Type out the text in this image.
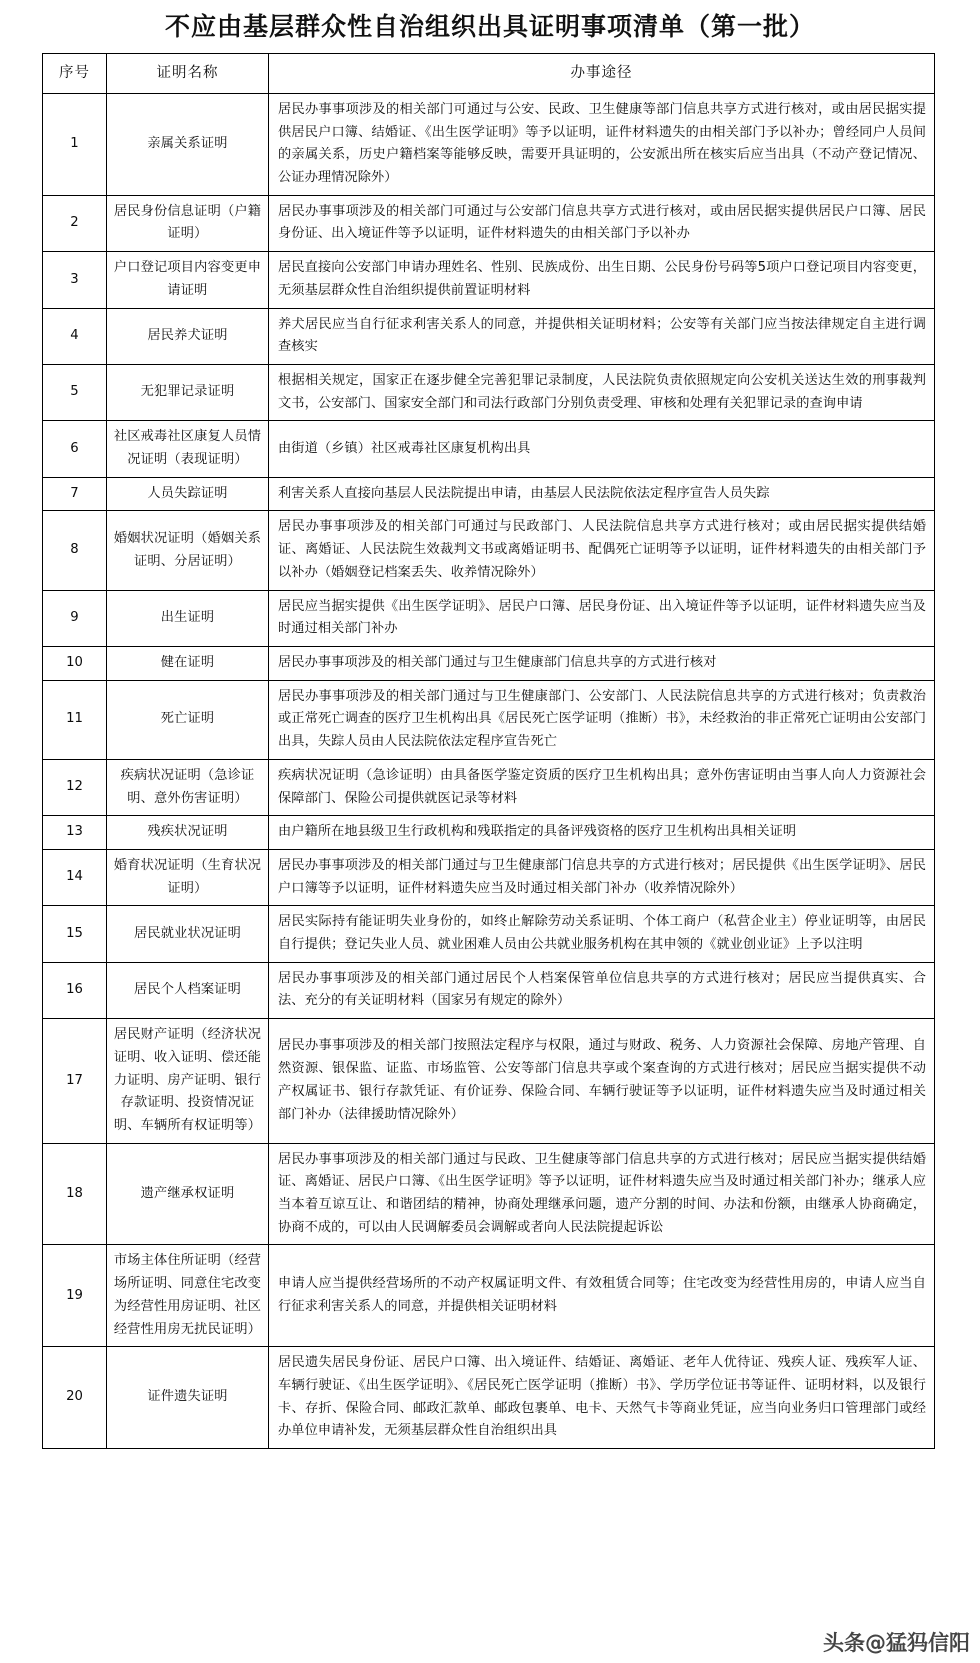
不应由基层群众性自治组织出具证明事项清单（第一批）
序号	证明名称	办事途径
1	亲属关系证明	居民办事事项涉及的相关部门可通过与公安、民政、卫生健康等部门信息共享方式进行核对，或由居民据实提供居民户口簿、结婚证、《出生医学证明》等予以证明，证件材料遗失的由相关部门予以补办；曾经同户人员间的亲属关系，历史户籍档案等能够反映，需要开具证明的，公安派出所在核实后应当出具（不动产登记情况、公证办理情况除外）
2	居民身份信息证明（户籍证明）	居民办事事项涉及的相关部门可通过与公安部门信息共享方式进行核对，或由居民据实提供居民户口簿、居民身份证、出入境证件等予以证明，证件材料遗失的由相关部门予以补办
3	户口登记项目内容变更申请证明	居民直接向公安部门申请办理姓名、性别、民族成份、出生日期、公民身份号码等5项户口登记项目内容变更，无须基层群众性自治组织提供前置证明材料
4	居民养犬证明	养犬居民应当自行征求利害关系人的同意，并提供相关证明材料；公安等有关部门应当按法律规定自主进行调查核实
5	无犯罪记录证明	根据相关规定，国家正在逐步健全完善犯罪记录制度，人民法院负责依照规定向公安机关送达生效的刑事裁判文书，公安部门、国家安全部门和司法行政部门分别负责受理、审核和处理有关犯罪记录的查询申请
6	社区戒毒社区康复人员情况证明（表现证明）	由街道（乡镇）社区戒毒社区康复机构出具
7	人员失踪证明	利害关系人直接向基层人民法院提出申请，由基层人民法院依法定程序宣告人员失踪
8	婚姻状况证明（婚姻关系证明、分居证明）	居民办事事项涉及的相关部门可通过与民政部门、人民法院信息共享方式进行核对；或由居民据实提供结婚证、离婚证、人民法院生效裁判文书或离婚证明书、配偶死亡证明等予以证明，证件材料遗失的由相关部门予以补办（婚姻登记档案丢失、收养情况除外）
9	出生证明	居民应当据实提供《出生医学证明》、居民户口簿、居民身份证、出入境证件等予以证明，证件材料遗失应当及时通过相关部门补办
10	健在证明	居民办事事项涉及的相关部门通过与卫生健康部门信息共享的方式进行核对
11	死亡证明	居民办事事项涉及的相关部门通过与卫生健康部门、公安部门、人民法院信息共享的方式进行核对；负责救治或正常死亡调查的医疗卫生机构出具《居民死亡医学证明（推断）书》，未经救治的非正常死亡证明由公安部门出具，失踪人员由人民法院依法定程序宣告死亡
12	疾病状况证明（急诊证明、意外伤害证明）	疾病状况证明（急诊证明）由具备医学鉴定资质的医疗卫生机构出具；意外伤害证明由当事人向人力资源社会保障部门、保险公司提供就医记录等材料
13	残疾状况证明	由户籍所在地县级卫生行政机构和残联指定的具备评残资格的医疗卫生机构出具相关证明
14	婚育状况证明（生育状况证明）	居民办事事项涉及的相关部门通过与卫生健康部门信息共享的方式进行核对；居民提供《出生医学证明》、居民户口簿等予以证明，证件材料遗失应当及时通过相关部门补办（收养情况除外）
15	居民就业状况证明	居民实际持有能证明失业身份的，如终止解除劳动关系证明、个体工商户（私营企业主）停业证明等，由居民自行提供；登记失业人员、就业困难人员由公共就业服务机构在其申领的《就业创业证》上予以注明
16	居民个人档案证明	居民办事事项涉及的相关部门通过居民个人档案保管单位信息共享的方式进行核对；居民应当提供真实、合法、充分的有关证明材料（国家另有规定的除外）
17	居民财产证明（经济状况证明、收入证明、偿还能力证明、房产证明、银行存款证明、投资情况证明、车辆所有权证明等）	居民办事事项涉及的相关部门按照法定程序与权限，通过与财政、税务、人力资源社会保障、房地产管理、自然资源、银保监、证监、市场监管、公安等部门信息共享或个案查询的方式进行核对；居民应当据实提供不动产权属证书、银行存款凭证、有价证券、保险合同、车辆行驶证等予以证明，证件材料遗失应当及时通过相关部门补办（法律援助情况除外）
18	遗产继承权证明	居民办事事项涉及的相关部门通过与民政、卫生健康等部门信息共享的方式进行核对；居民应当据实提供结婚证、离婚证、居民户口簿、《出生医学证明》等予以证明，证件材料遗失应当及时通过相关部门补办；继承人应当本着互谅互让、和谐团结的精神，协商处理继承问题，遗产分割的时间、办法和份额，由继承人协商确定，协商不成的，可以由人民调解委员会调解或者向人民法院提起诉讼
19	市场主体住所证明（经营场所证明、同意住宅改变为经营性用房证明、社区经营性用房无扰民证明）	申请人应当提供经营场所的不动产权属证明文件、有效租赁合同等；住宅改变为经营性用房的，申请人应当自行征求利害关系人的同意，并提供相关证明材料
20	证件遗失证明	居民遗失居民身份证、居民户口簿、出入境证件、结婚证、离婚证、老年人优待证、残疾人证、残疾军人证、车辆行驶证、《出生医学证明》、《居民死亡医学证明（推断）书》、学历学位证书等证件、证明材料，以及银行卡、存折、保险合同、邮政汇款单、邮政包裹单、电卡、天然气卡等商业凭证，应当向业务归口管理部门或经办单位申请补发，无须基层群众性自治组织出具
头条@猛犸信阳
